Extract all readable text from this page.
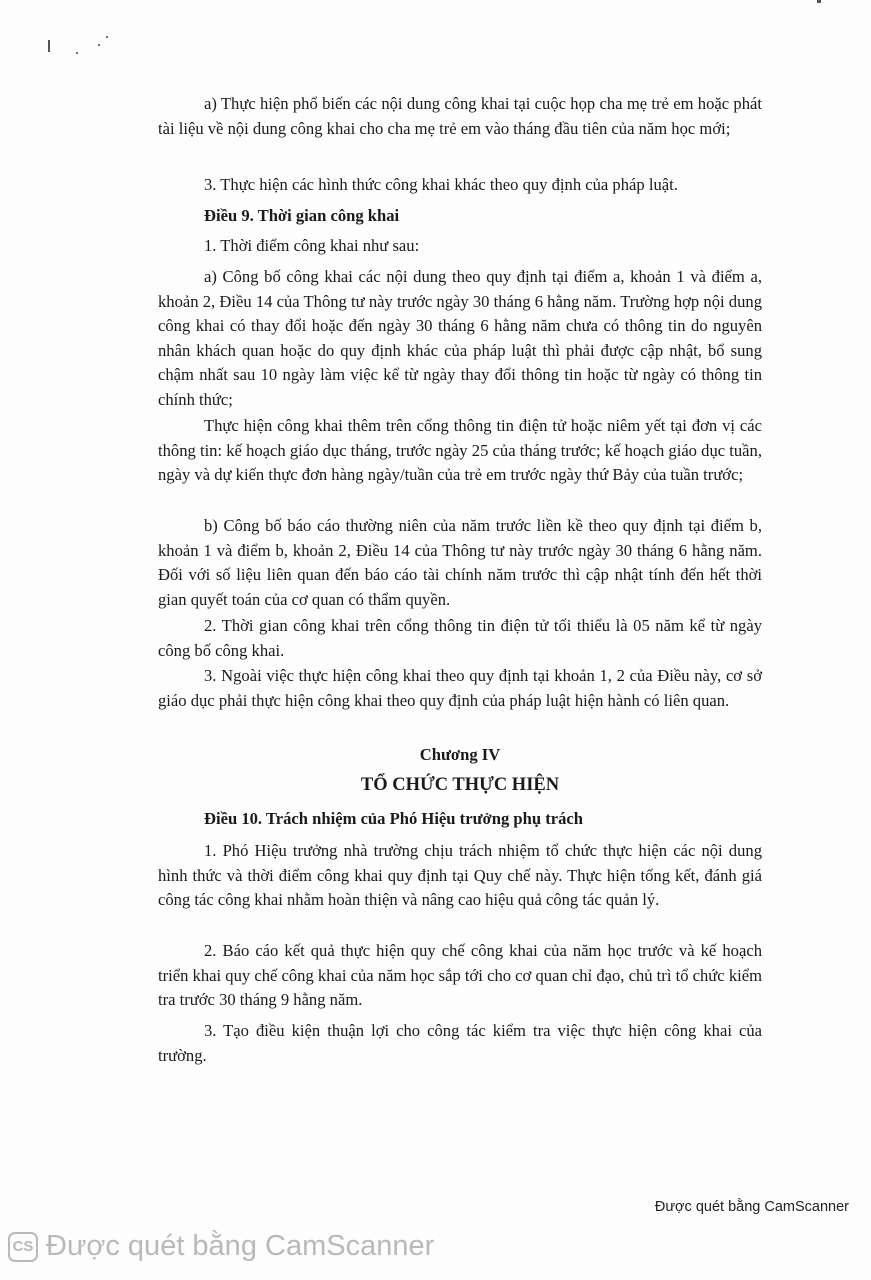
a) Thực hiện phổ biến các nội dung công khai tại cuộc họp cha mẹ trẻ em hoặc phát tài liệu về nội dung công khai cho cha mẹ trẻ em vào tháng đầu tiên của năm học mới;

3. Thực hiện các hình thức công khai khác theo quy định của pháp luật.

Điều 9. Thời gian công khai

1. Thời điểm công khai như sau:

a) Công bố công khai các nội dung theo quy định tại điểm a, khoản 1 và điểm a, khoản 2, Điều 14 của Thông tư này trước ngày 30 tháng 6 hằng năm. Trường hợp nội dung công khai có thay đổi hoặc đến ngày 30 tháng 6 hằng năm chưa có thông tin do nguyên nhân khách quan hoặc do quy định khác của pháp luật thì phải được cập nhật, bổ sung chậm nhất sau 10 ngày làm việc kể từ ngày thay đổi thông tin hoặc từ ngày có thông tin chính thức;

Thực hiện công khai thêm trên cổng thông tin điện tử hoặc niêm yết tại đơn vị các thông tin: kế hoạch giáo dục tháng, trước ngày 25 của tháng trước; kế hoạch giáo dục tuần, ngày và dự kiến thực đơn hàng ngày/tuần của trẻ em trước ngày thứ Bảy của tuần trước;

b) Công bố báo cáo thường niên của năm trước liền kề theo quy định tại điểm b, khoản 1 và điểm b, khoản 2, Điều 14 của Thông tư này trước ngày 30 tháng 6 hằng năm. Đối với số liệu liên quan đến báo cáo tài chính năm trước thì cập nhật tính đến hết thời gian quyết toán của cơ quan có thẩm quyền.

2. Thời gian công khai trên cổng thông tin điện tử tối thiểu là 05 năm kể từ ngày công bố công khai.

3. Ngoài việc thực hiện công khai theo quy định tại khoản 1, 2 của Điều này, cơ sở giáo dục phải thực hiện công khai theo quy định của pháp luật hiện hành có liên quan.

Chương IV

TỔ CHỨC THỰC HIỆN

Điều 10. Trách nhiệm của Phó Hiệu trưởng phụ trách

1. Phó Hiệu trưởng nhà trường chịu trách nhiệm tổ chức thực hiện các nội dung hình thức và thời điểm công khai quy định tại Quy chế này. Thực hiện tổng kết, đánh giá công tác công khai nhằm hoàn thiện và nâng cao hiệu quả công tác quản lý.

2. Báo cáo kết quả thực hiện quy chế công khai của năm học trước và kế hoạch triển khai quy chế công khai của năm học sắp tới cho cơ quan chỉ đạo, chủ trì tổ chức kiểm tra trước 30 tháng 9 hằng năm.

3. Tạo điều kiện thuận lợi cho công tác kiểm tra việc thực hiện công khai của trường.

Được quét bằng CamScanner
CS Được quét bằng CamScanner
